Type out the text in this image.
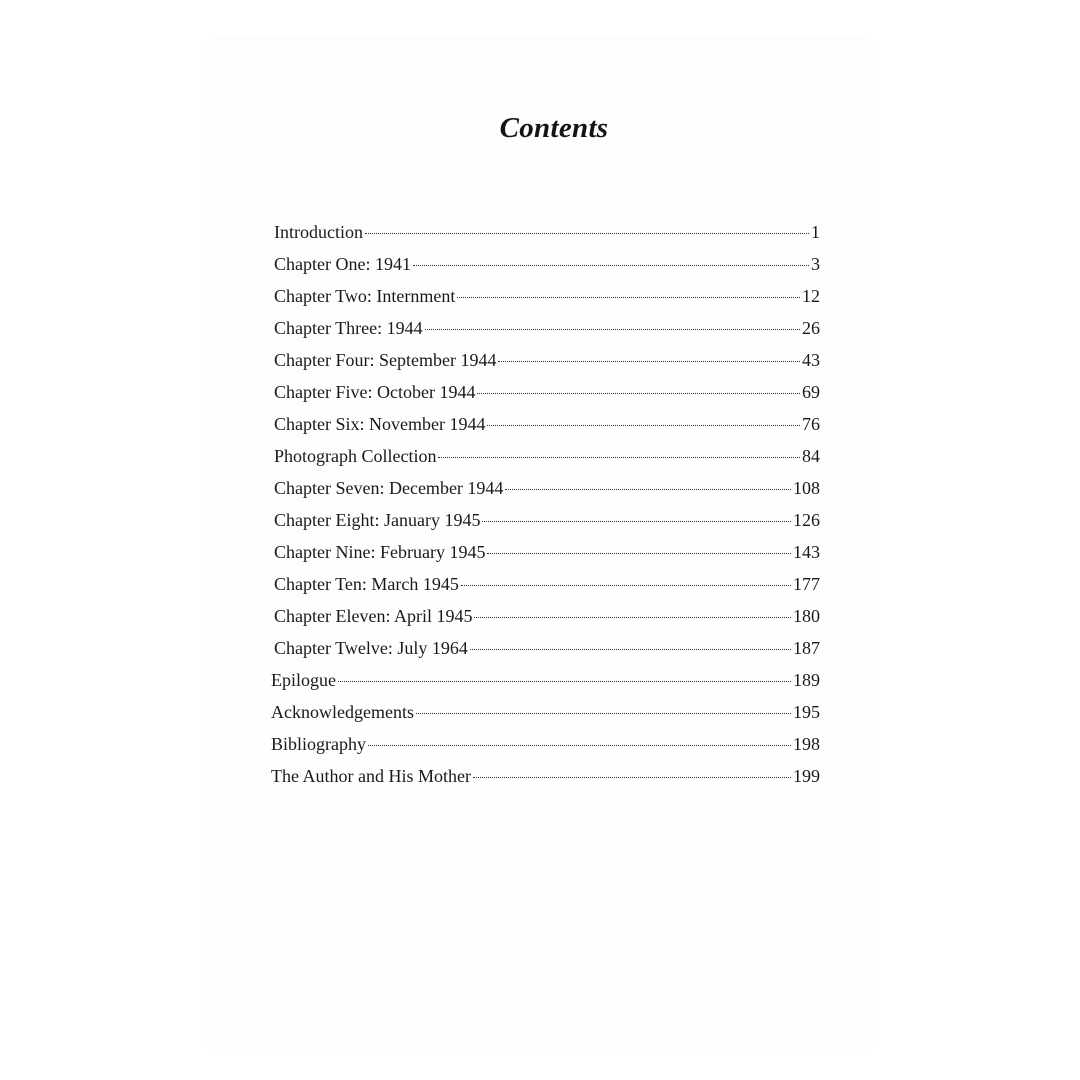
Contents
Introduction	1
Chapter One: 1941	3
Chapter Two: Internment	12
Chapter Three: 1944	26
Chapter Four: September 1944	43
Chapter Five: October 1944	69
Chapter Six: November 1944	76
Photograph Collection	84
Chapter Seven: December 1944	108
Chapter Eight: January 1945	126
Chapter Nine: February 1945	143
Chapter Ten: March 1945	177
Chapter Eleven: April 1945	180
Chapter Twelve: July 1964	187
Epilogue	189
Acknowledgements	195
Bibliography	198
The Author and His Mother	199
